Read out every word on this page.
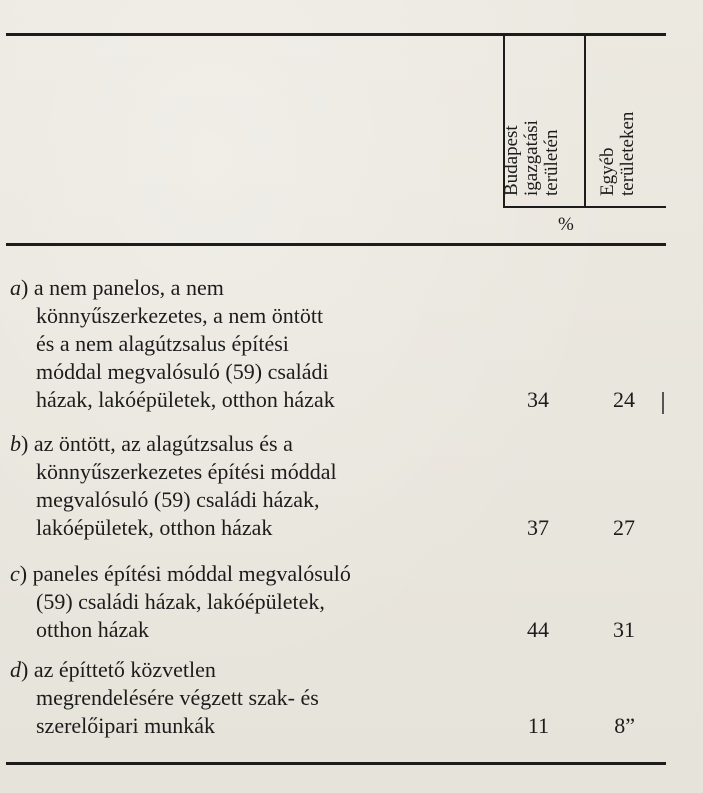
Budapest igazgatási területén Egyéb területeken
%
a ) a nem panelos, a nem
könnyűszerkezetes, a nem öntött
és a nem alagútzsalus építési
móddal megvalósuló (59) családi
házak, lakóépületek, otthon házak	34	24
b ) az öntött, az alagútzsalus és a
könnyűszerkezetes építési móddal
megvalósuló (59) családi házak,
lakóépületek, otthon házak	37	27
c ) paneles építési móddal megvalósuló
(59) családi házak, lakóépületek,
otthon házak	44	31
d ) az építtető közvetlen
megrendelésére végzett szak- és
szerelőipari munkák	11	8”
